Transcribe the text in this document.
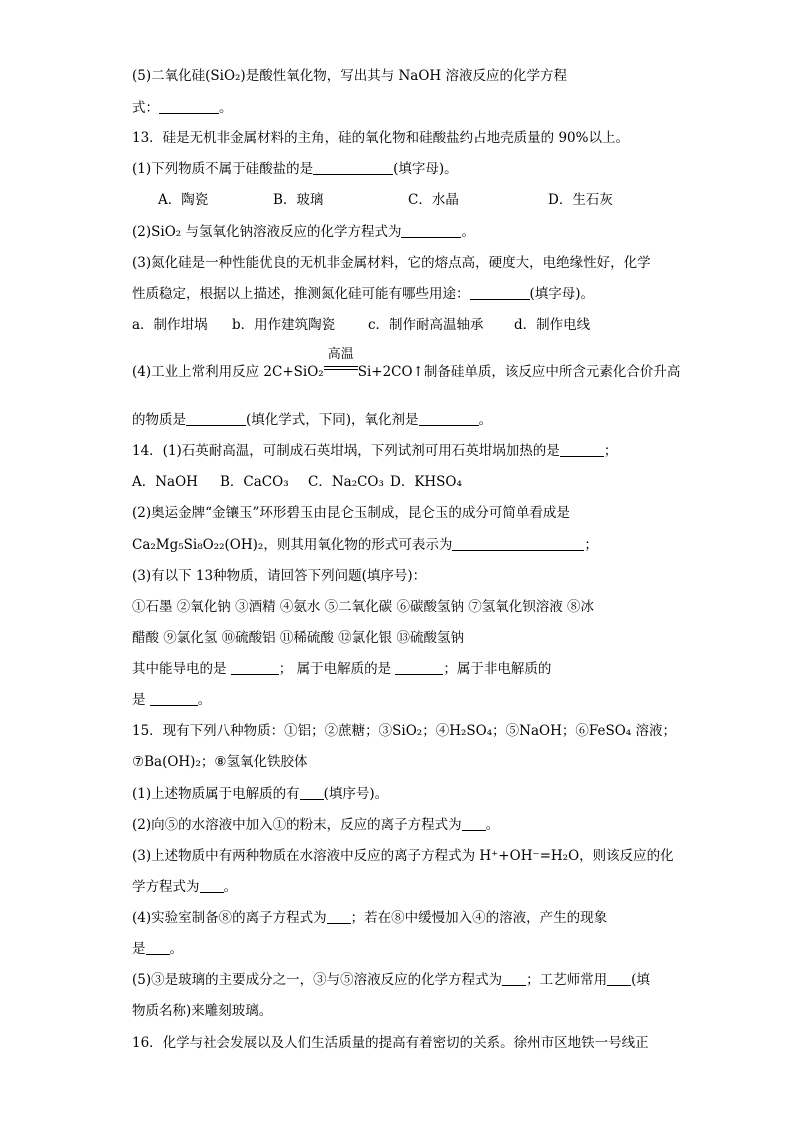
(5)二氧化硅(SiO₂)是酸性氧化物，写出其与 NaOH 溶液反应的化学方程
式：	。
13．硅是无机非金属材料的主角，硅的氧化物和硅酸盐约占地壳质量的 90%以上。
(1)下列物质不属于硅酸盐的是	(填字母)。
A．陶瓷	B．玻璃	C．水晶	D．生石灰
(2)SiO₂ 与氢氧化钠溶液反应的化学方程式为	。
(3)氮化硅是一种性能优良的无机非金属材料，它的熔点高，硬度大，电绝缘性好，化学
性质稳定，根据以上描述，推测氮化硅可能有哪些用途：	(填字母)。
a．制作坩埚 b．用作建筑陶瓷 c．制作耐高温轴承 d．制作电线
(4)工业上常利用反应 2C+SiO₂
高温
Si+2CO↑制备硅单质，该反应中所含元素化合价升高
的物质是	(填化学式，下同)，氧化剂是	。
14．(1)石英耐高温，可制成石英坩埚，下列试剂可用石英坩埚加热的是	；
A．NaOH B．CaCO₃ C．Na₂CO₃ D．KHSO₄
(2)奥运金牌“金镶玉”环形碧玉由昆仑玉制成，昆仑玉的成分可简单看成是
Ca₂Mg₅Si₈O₂₂(OH)₂，则其用氧化物的形式可表示为	；
(3)有以下 13种物质，请回答下列问题(填序号)：
①石墨 ②氧化钠 ③酒精 ④氨水 ⑤二氧化碳 ⑥碳酸氢钠 ⑦氢氧化钡溶液 ⑧冰
醋酸 ⑨氯化氢 ⑩硫酸铝 ⑪稀硫酸 ⑫氯化银 ⑬硫酸氢钠
其中能导电的是	； 属于电解质的是	；属于非电解质的
是	。
15．现有下列八种物质：①铝；②蔗糖；③SiO₂；④H₂SO₄；⑤NaOH；⑥FeSO₄ 溶液；
⑦Ba(OH)₂；⑧氢氧化铁胶体
(1)上述物质属于电解质的有 (填序号)。
(2)向⑤的水溶液中加入①的粉末，反应的离子方程式为 。
(3)上述物质中有两种物质在水溶液中反应的离子方程式为 H⁺+OH⁻=H₂O，则该反应的化
学方程式为 。
(4)实验室制备⑧的离子方程式为 ；若在⑧中缓慢加入④的溶液，产生的现象
是 。
(5)③是玻璃的主要成分之一，③与⑤溶液反应的化学方程式为 ；工艺师常用 (填
物质名称)来雕刻玻璃。
16．化学与社会发展以及人们生活质量的提高有着密切的关系。徐州市区地铁一号线正
